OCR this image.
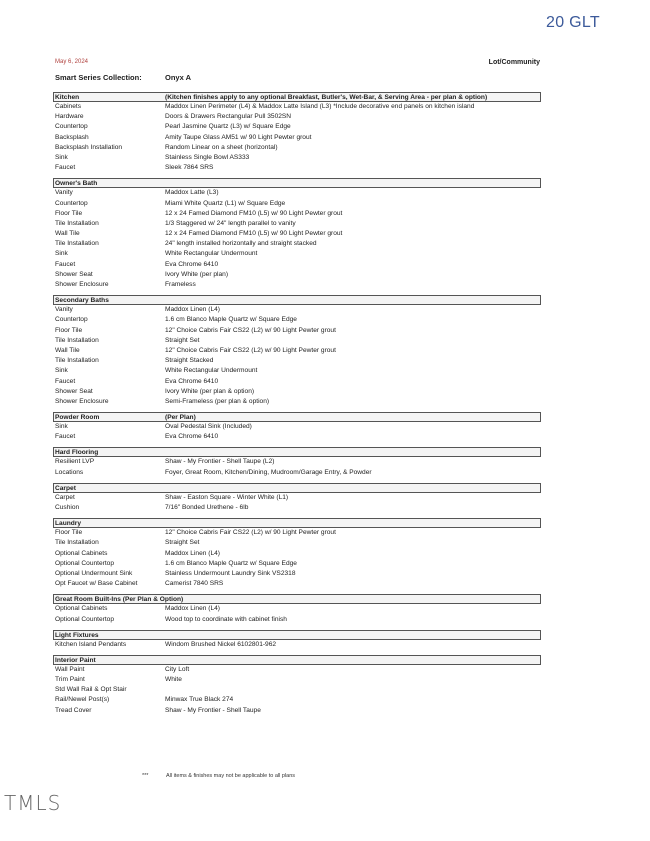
20 GLT
May 6, 2024	Lot/Community
Smart Series Collection:	Onyx A
Kitchen	(Kitchen finishes apply to any optional Breakfast, Butler's, Wet-Bar, & Serving Area - per plan & option)
Cabinets	Maddox Linen Perimeter (L4) & Maddox Latte Island (L3) *Include decorative end panels on kitchen island
Hardware	Doors & Drawers Rectangular Pull 3502SN
Countertop	Pearl Jasmine Quartz (L3) w/ Square Edge
Backsplash	Amity Taupe Glass AM51 w/ 90 Light Pewter grout
Backsplash Installation	Random Linear on a sheet (horizontal)
Sink	Stainless Single Bowl AS333
Faucet	Sleek 7864 SRS
Owner's Bath
Vanity	Maddox Latte (L3)
Countertop	Miami White Quartz (L1) w/ Square Edge
Floor Tile	12 x 24 Famed Diamond FM10 (L5) w/ 90 Light Pewter grout
Tile Installation	1/3 Staggered w/ 24" length parallel to vanity
Wall Tile	12 x 24 Famed Diamond FM10 (L5) w/ 90 Light Pewter grout
Tile Installation	24" length installed horizontally and straight stacked
Sink	White Rectangular Undermount
Faucet	Eva Chrome 6410
Shower Seat	Ivory White (per plan)
Shower Enclosure	Frameless
Secondary Baths
Vanity	Maddox Linen (L4)
Countertop	1.6 cm Blanco Maple Quartz w/ Square Edge
Floor Tile	12" Choice Cabris Fair CS22 (L2) w/ 90 Light Pewter grout
Tile Installation	Straight Set
Wall Tile	12" Choice Cabris Fair CS22 (L2) w/ 90 Light Pewter grout
Tile Installation	Straight Stacked
Sink	White Rectangular Undermount
Faucet	Eva Chrome 6410
Shower Seat	Ivory White (per plan & option)
Shower Enclosure	Semi-Frameless (per plan & option)
Powder Room	(Per Plan)
Sink	Oval Pedestal Sink (Included)
Faucet	Eva Chrome 6410
Hard Flooring
Resilient LVP	Shaw - My Frontier - Shell Taupe (L2)
Locations	Foyer, Great Room, Kitchen/Dining, Mudroom/Garage Entry, & Powder
Carpet
Carpet	Shaw - Easton Square - Winter White (L1)
Cushion	7/16" Bonded Urethene - 6lb
Laundry
Floor Tile	12" Choice Cabris Fair CS22 (L2) w/ 90 Light Pewter grout
Tile Installation	Straight Set
Optional Cabinets	Maddox Linen (L4)
Optional Countertop	1.6 cm Blanco Maple Quartz w/ Square Edge
Optional Undermount Sink	Stainless Undermount Laundry Sink VS2318
Opt Faucet w/ Base Cabinet	Camerist 7840 SRS
Great Room Built-Ins (Per Plan & Option)
Optional Cabinets	Maddox Linen (L4)
Optional Countertop	Wood top to coordinate with cabinet finish
Light Fixtures
Kitchen Island Pendants	Windom Brushed Nickel 6102801-962
Interior Paint
Wall Paint	City Loft
Trim Paint	White
Std Wall Rail & Opt Stair
Rail/Newel Post(s)	Minwax True Black 274
Tread Cover	Shaw - My Frontier - Shell Taupe
***	All items & finishes may not be applicable to all plans
TMLS
